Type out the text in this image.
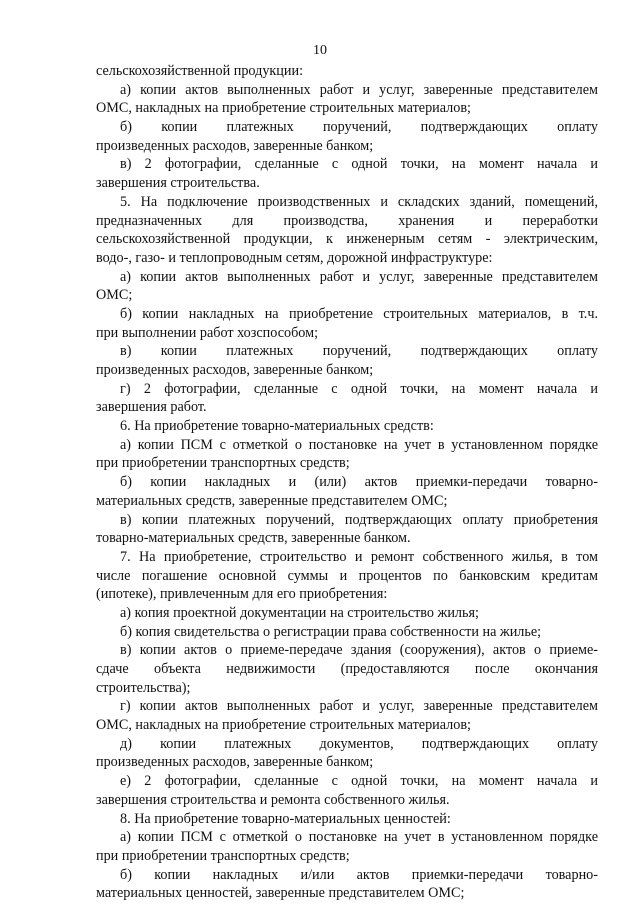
10
сельскохозяйственной продукции:
а) копии актов выполненных работ и услуг, заверенные представителем
ОМС, накладных на приобретение строительных материалов;
б) копии платежных поручений, подтверждающих оплату
произведенных расходов, заверенные банком;
в) 2 фотографии, сделанные с одной точки, на момент начала и
завершения строительства.
5. На подключение производственных и складских зданий, помещений,
предназначенных для производства, хранения и переработки
сельскохозяйственной продукции, к инженерным сетям - электрическим,
водо-, газо- и теплопроводным сетям, дорожной инфраструктуре:
а) копии актов выполненных работ и услуг, заверенные представителем
ОМС;
б) копии накладных на приобретение строительных материалов, в т.ч.
при выполнении работ хозспособом;
в) копии платежных поручений, подтверждающих оплату
произведенных расходов, заверенные банком;
г) 2 фотографии, сделанные с одной точки, на момент начала и
завершения работ.
6. На приобретение товарно-материальных средств:
а) копии ПСМ с отметкой о постановке на учет в установленном порядке
при приобретении транспортных средств;
б) копии накладных и (или) актов приемки-передачи товарно-
материальных средств, заверенные представителем ОМС;
в) копии платежных поручений, подтверждающих оплату приобретения
товарно-материальных средств, заверенные банком.
7. На приобретение, строительство и ремонт собственного жилья, в том
числе погашение основной суммы и процентов по банковским кредитам
(ипотеке), привлеченным для его приобретения:
а) копия проектной документации на строительство жилья;
б) копия свидетельства о регистрации права собственности на жилье;
в) копии актов о приеме-передаче здания (сооружения), актов о приеме-
сдаче объекта недвижимости (предоставляются после окончания
строительства);
г) копии актов выполненных работ и услуг, заверенные представителем
ОМС, накладных на приобретение строительных материалов;
д) копии платежных документов, подтверждающих оплату
произведенных расходов, заверенные банком;
е) 2 фотографии, сделанные с одной точки, на момент начала и
завершения строительства и ремонта собственного жилья.
8. На приобретение товарно-материальных ценностей:
а) копии ПСМ с отметкой о постановке на учет в установленном порядке
при приобретении транспортных средств;
б) копии накладных и/или актов приемки-передачи товарно-
материальных ценностей, заверенные представителем ОМС;
